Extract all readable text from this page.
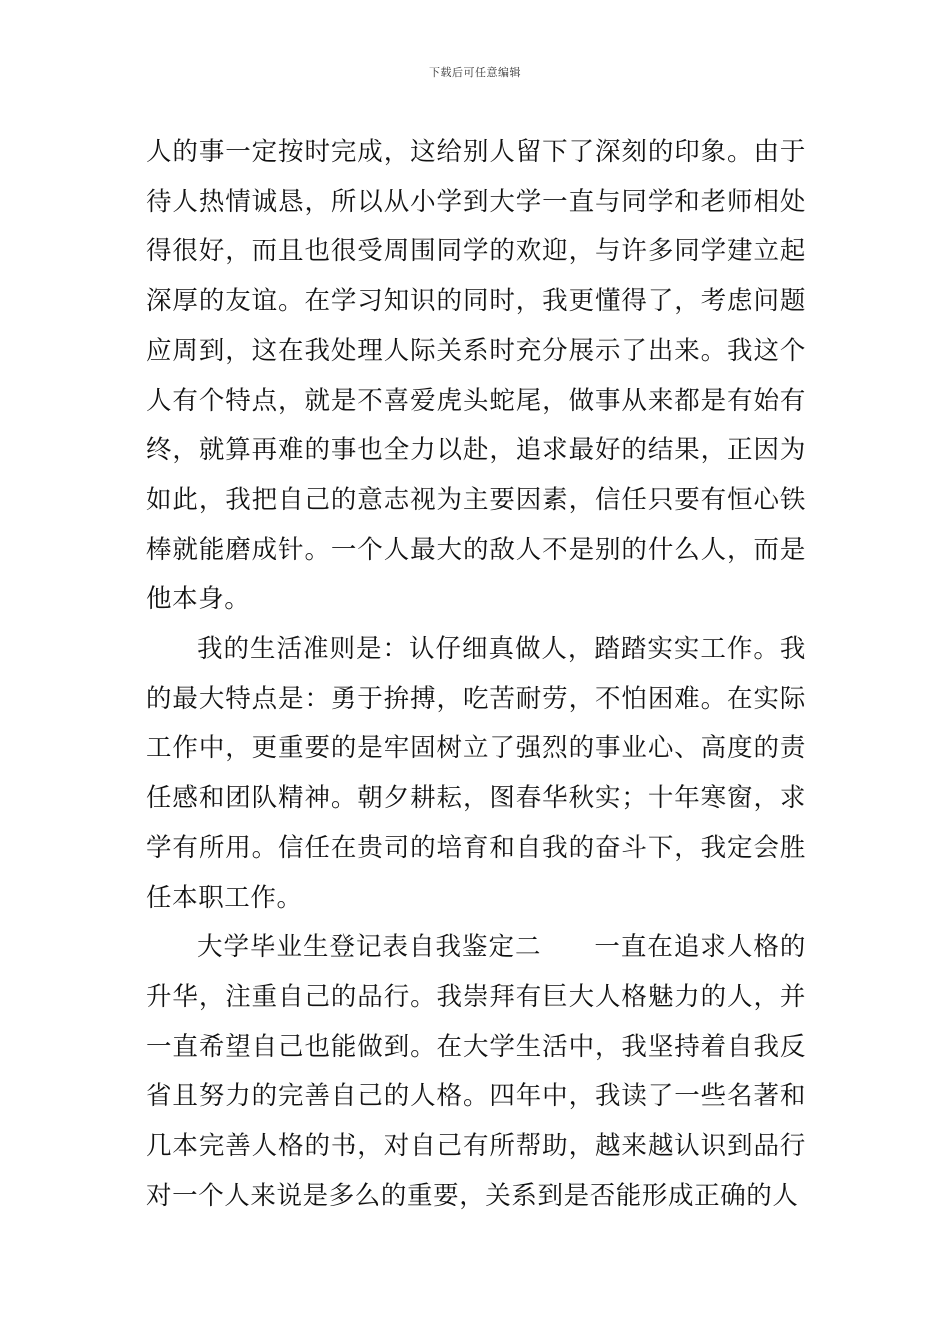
下载后可任意编辑

人的事一定按时完成，这给别人留下了深刻的印象。由于待人热情诚恳，所以从小学到大学一直与同学和老师相处得很好，而且也很受周围同学的欢迎，与许多同学建立起深厚的友谊。在学习知识的同时，我更懂得了，考虑问题应周到，这在我处理人际关系时充分展示了出来。我这个人有个特点，就是不喜爱虎头蛇尾，做事从来都是有始有终，就算再难的事也全力以赴，追求最好的结果，正因为如此，我把自己的意志视为主要因素，信任只要有恒心铁棒就能磨成针。一个人最大的敌人不是别的什么人，而是他本身。

我的生活准则是：认仔细真做人，踏踏实实工作。我的最大特点是：勇于拚搏，吃苦耐劳，不怕困难。在实际工作中，更重要的是牢固树立了强烈的事业心、高度的责任感和团队精神。朝夕耕耘，图春华秋实；十年寒窗，求学有所用。信任在贵司的培育和自我的奋斗下，我定会胜任本职工作。

大学毕业生登记表自我鉴定二　　一直在追求人格的升华，注重自己的品行。我崇拜有巨大人格魅力的人，并一直希望自己也能做到。在大学生活中，我坚持着自我反省且努力的完善自己的人格。四年中，我读了一些名著和几本完善人格的书，对自己有所帮助，越来越认识到品行对一个人来说是多么的重要，关系到是否能形成正确的人
